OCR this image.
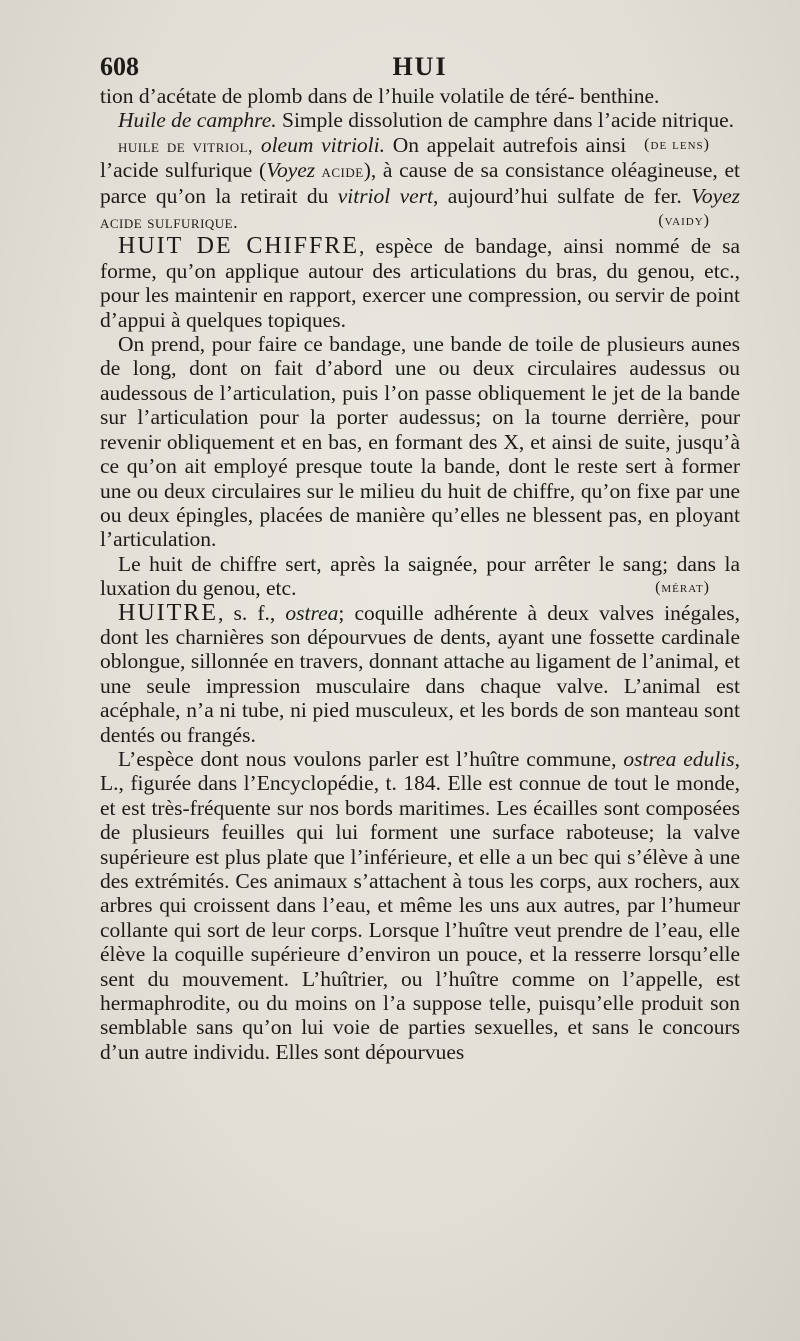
608	HUI

tion d’acétate de plomb dans de l’huile volatile de téré- benthine.

Huile de camphre. Simple dissolution de camphre dans l’acide nitrique.
(de lens)

huile de vitriol, oleum vitrioli. On appelait autrefois ainsi l’acide sulfurique (Voyez acide), à cause de sa consistance oléagineuse, et parce qu’on la retirait du vitriol vert, aujourd’hui sulfate de fer. Voyez acide sulfurique.	(vaidy)

HUIT DE CHIFFRE, espèce de bandage, ainsi nommé de sa forme, qu’on applique autour des articulations du bras, du genou, etc., pour les maintenir en rapport, exercer une compression, ou servir de point d’appui à quelques topiques.

On prend, pour faire ce bandage, une bande de toile de plusieurs aunes de long, dont on fait d’abord une ou deux circulaires audessus ou audessous de l’articulation, puis l’on passe obliquement le jet de la bande sur l’articulation pour la porter audessus; on la tourne derrière, pour revenir obliquement et en bas, en formant des X, et ainsi de suite, jusqu’à ce qu’on ait employé presque toute la bande, dont le reste sert à former une ou deux circulaires sur le milieu du huit de chiffre, qu’on fixe par une ou deux épingles, placées de manière qu’elles ne blessent pas, en ployant l’articulation.

Le huit de chiffre sert, après la saignée, pour arrêter le sang; dans la luxation du genou, etc.	(mérat)

HUITRE, s. f., ostrea; coquille adhérente à deux valves inégales, dont les charnières son dépourvues de dents, ayant une fossette cardinale oblongue, sillonnée en travers, donnant attache au ligament de l’animal, et une seule impression musculaire dans chaque valve. L’animal est acéphale, n’a ni tube, ni pied musculeux, et les bords de son manteau sont dentés ou frangés.

L’espèce dont nous voulons parler est l’huître commune, ostrea edulis, L., figurée dans l’Encyclopédie, t. 184. Elle est connue de tout le monde, et est très-fréquente sur nos bords maritimes. Les écailles sont composées de plusieurs feuilles qui lui forment une surface raboteuse; la valve supérieure est plus plate que l’inférieure, et elle a un bec qui s’élève à une des extrémités. Ces animaux s’attachent à tous les corps, aux rochers, aux arbres qui croissent dans l’eau, et même les uns aux autres, par l’humeur collante qui sort de leur corps. Lorsque l’huître veut prendre de l’eau, elle élève la coquille supérieure d’environ un pouce, et la resserre lorsqu’elle sent du mouvement. L’huîtrier, ou l’huître comme on l’appelle, est hermaphrodite, ou du moins on l’a suppose telle, puisqu’elle produit son semblable sans qu’on lui voie de parties sexuelles, et sans le concours d’un autre individu. Elles sont dépourvues
